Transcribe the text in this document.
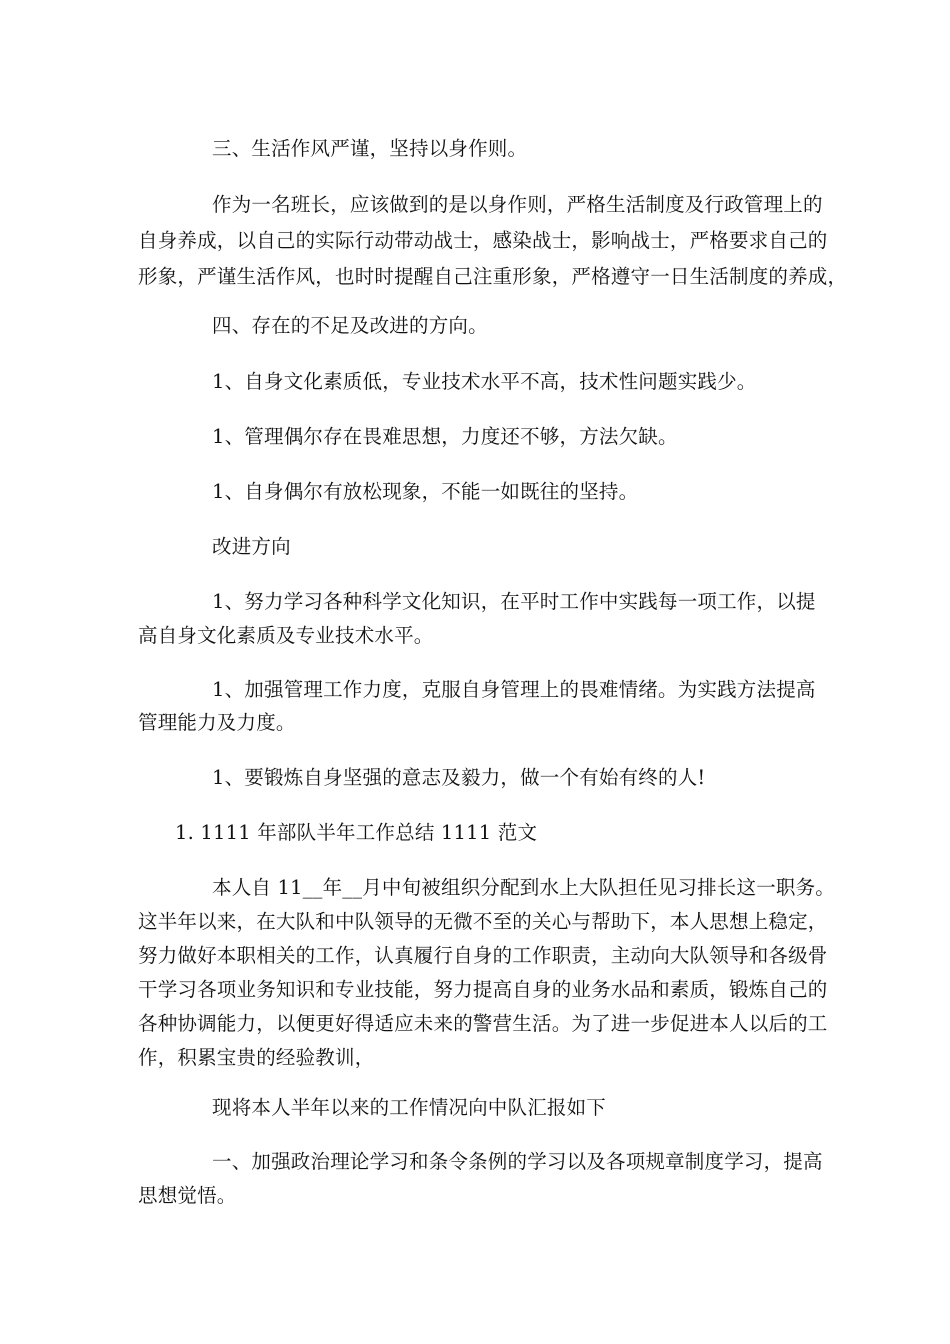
三、生活作风严谨，坚持以身作则。
作为一名班长，应该做到的是以身作则，严格生活制度及行政管理上的
自身养成，以自己的实际行动带动战士，感染战士，影响战士，严格要求自己的
形象，严谨生活作风，也时时提醒自己注重形象，严格遵守一日生活制度的养成，
四、存在的不足及改进的方向。
1、自身文化素质低，专业技术水平不高，技术性问题实践少。
1、管理偶尔存在畏难思想，力度还不够，方法欠缺。
1、自身偶尔有放松现象，不能一如既往的坚持。
改进方向
1、努力学习各种科学文化知识，在平时工作中实践每一项工作，以提
高自身文化素质及专业技术水平。
1、加强管理工作力度，克服自身管理上的畏难情绪。为实践方法提高
管理能力及力度。
1、要锻炼自身坚强的意志及毅力，做一个有始有终的人!
1. 1111 年部队半年工作总结 1111 范文
本人自 11__年__月中旬被组织分配到水上大队担任见习排长这一职务。
这半年以来，在大队和中队领导的无微不至的关心与帮助下，本人思想上稳定，
努力做好本职相关的工作，认真履行自身的工作职责，主动向大队领导和各级骨
干学习各项业务知识和专业技能，努力提高自身的业务水品和素质，锻炼自己的
各种协调能力，以便更好得适应未来的警营生活。为了进一步促进本人以后的工
作，积累宝贵的经验教训，
现将本人半年以来的工作情况向中队汇报如下
一、加强政治理论学习和条令条例的学习以及各项规章制度学习，提高
思想觉悟。
